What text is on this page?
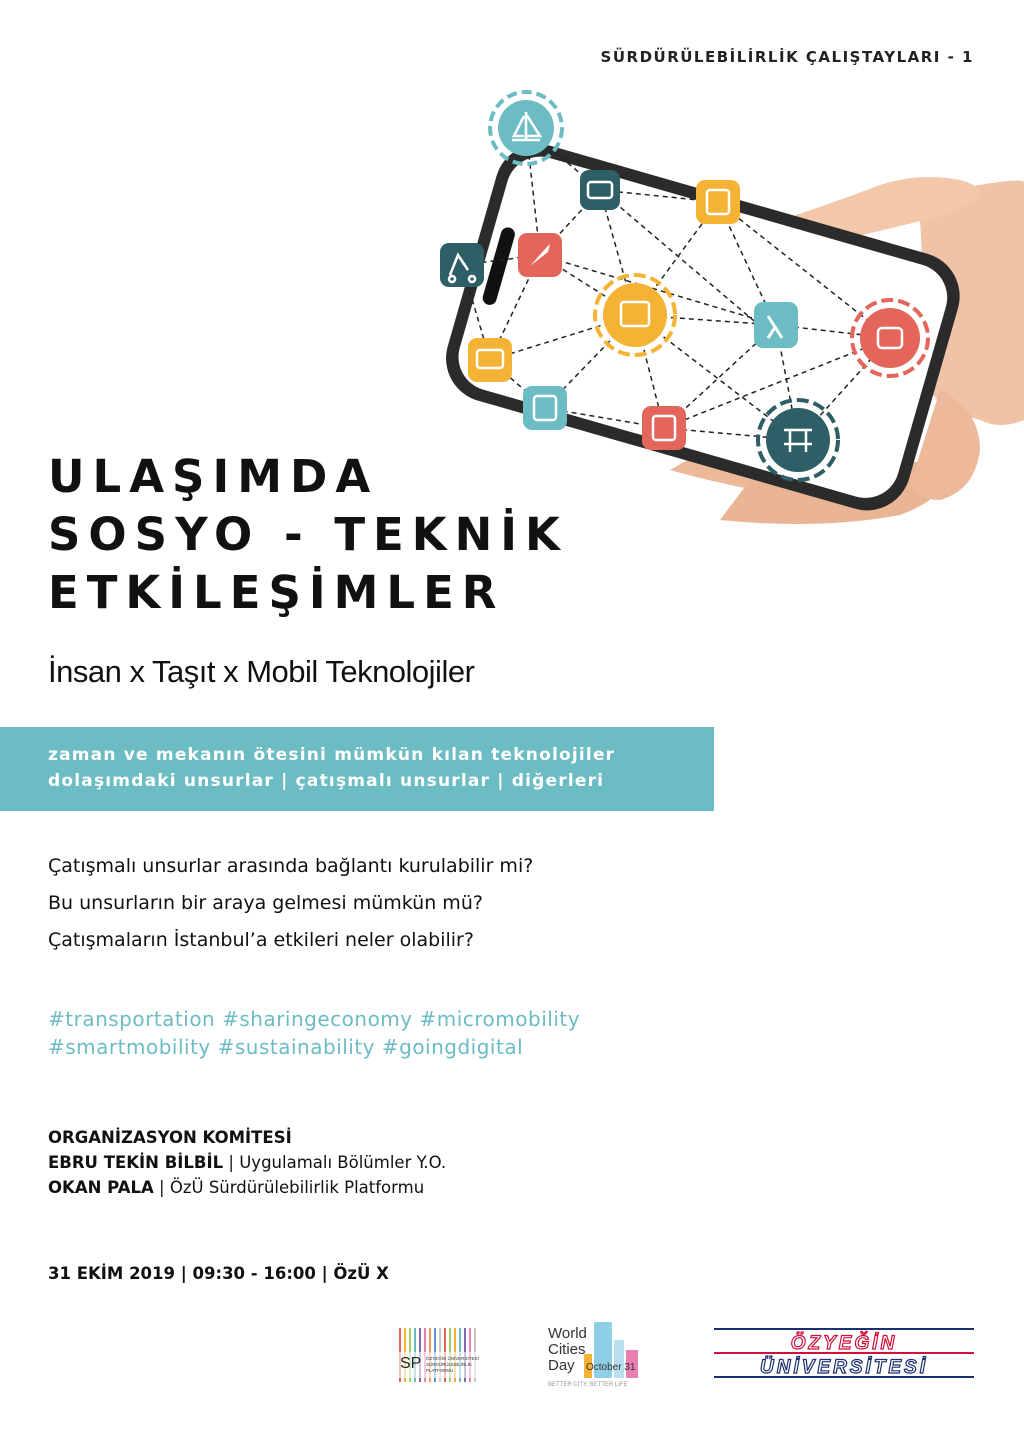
SÜRDÜRÜLEBİLİRLİK ÇALIŞTAYLARI - 1
ULAŞIMDA
SOSYO - TEKNİK
ETKİLEŞİMLER
İnsan x Taşıt x Mobil Teknolojiler
zaman ve mekanın ötesini mümkün kılan teknolojiler
dolaşımdaki unsurlar | çatışmalı unsurlar | diğerleri
Çatışmalı unsurlar arasında bağlantı kurulabilir mi?
Bu unsurların bir araya gelmesi mümkün mü?
Çatışmaların İstanbul’a etkileri neler olabilir?
#transportation #sharingeconomy #micromobility
#smartmobility #sustainability #goingdigital
ORGANİZASYON KOMİTESİ
EBRU TEKİN BİLBİL | Uygulamalı Bölümler Y.O.
OKAN PALA | ÖzÜ Sürdürülebilirlik Platformu
31 EKİM 2019 | 09:30 - 16:00 | ÖzÜ X
SP ÖZYEĞİN ÜNİVERSİTESİ
SÜRDÜRÜLEBİLİRLİK
PLATFORMU
World
Cities
Day October 31
BETTER CITY, BETTER LIFE
ÖZYEĞİN
ÜNİVERSİTESİ
